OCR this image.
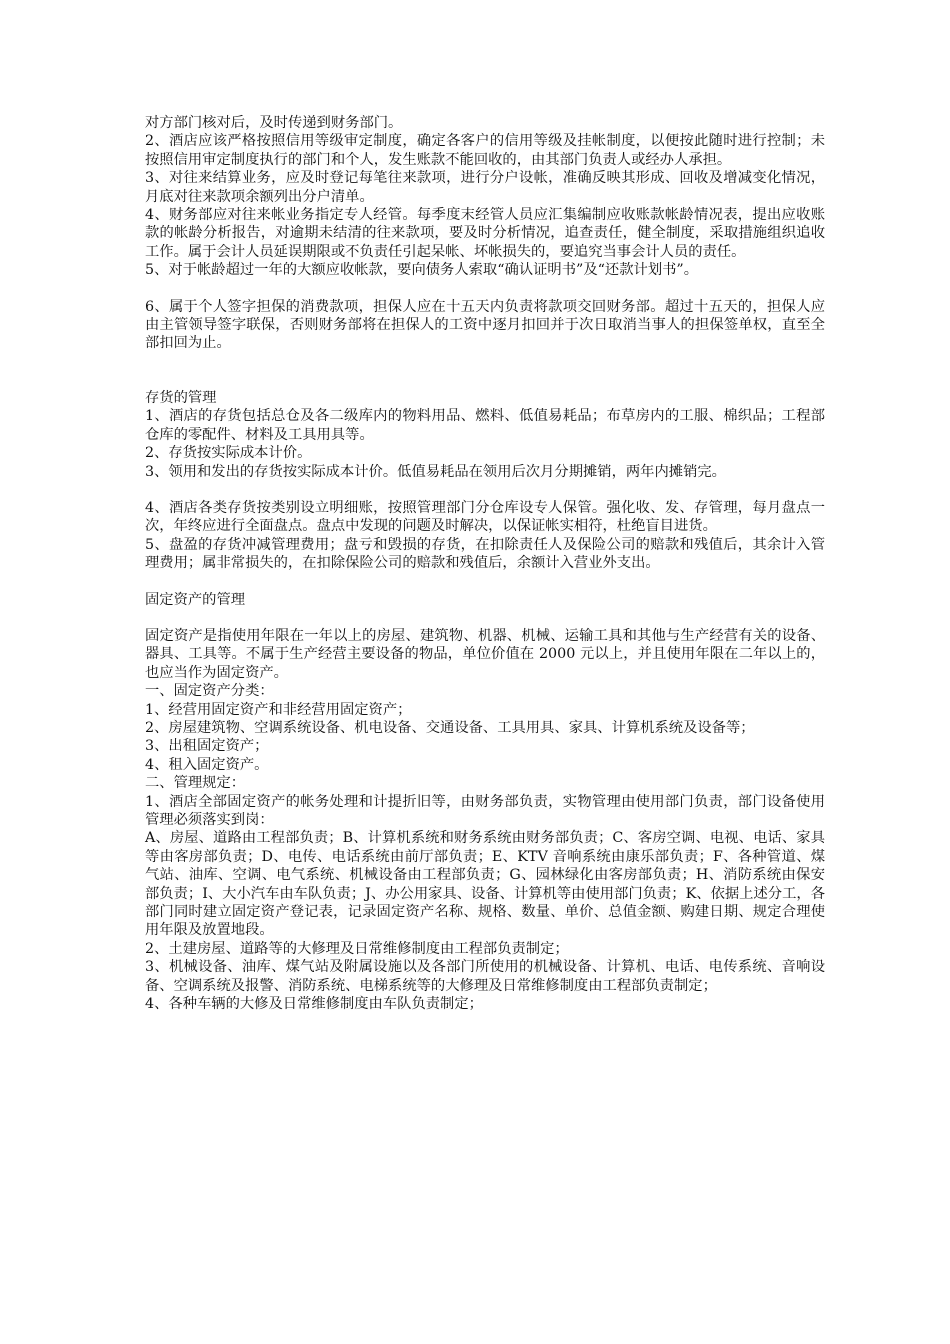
对方部门核对后，及时传递到财务部门。

2、酒店应该严格按照信用等级审定制度，确定各客户的信用等级及挂帐制度，以便按此随时进行控制；未按照信用审定制度执行的部门和个人，发生账款不能回收的，由其部门负责人或经办人承担。

3、对往来结算业务，应及时登记每笔往来款项，进行分户设帐，准确反映其形成、回收及增减变化情况，月底对往来款项余额列出分户清单。

4、财务部应对往来帐业务指定专人经管。每季度末经管人员应汇集编制应收账款帐龄情况表，提出应收账款的帐龄分析报告，对逾期未结清的往来款项，要及时分析情况，追查责任，健全制度，采取措施组织追收工作。属于会计人员延误期限或不负责任引起呆帐、坏帐损失的，要追究当事会计人员的责任。

5、对于帐龄超过一年的大额应收帐款，要向债务人索取“确认证明书”及“还款计划书”。

6、属于个人签字担保的消费款项，担保人应在十五天内负责将款项交回财务部。超过十五天的，担保人应由主管领导签字联保，否则财务部将在担保人的工资中逐月扣回并于次日取消当事人的担保签单权，直至全部扣回为止。

存货的管理

1、酒店的存货包括总仓及各二级库内的物料用品、燃料、低值易耗品；布草房内的工服、棉织品；工程部仓库的零配件、材料及工具用具等。

2、存货按实际成本计价。

3、领用和发出的存货按实际成本计价。低值易耗品在领用后次月分期摊销，两年内摊销完。

4、酒店各类存货按类别设立明细账，按照管理部门分仓库设专人保管。强化收、发、存管理，每月盘点一次，年终应进行全面盘点。盘点中发现的问题及时解决，以保证帐实相符，杜绝盲目进货。

5、盘盈的存货冲减管理费用；盘亏和毁损的存货，在扣除责任人及保险公司的赔款和残值后，其余计入管理费用；属非常损失的，在扣除保险公司的赔款和残值后，余额计入营业外支出。

固定资产的管理

固定资产是指使用年限在一年以上的房屋、建筑物、机器、机械、运输工具和其他与生产经营有关的设备、器具、工具等。不属于生产经营主要设备的物品，单位价值在 2000 元以上，并且使用年限在二年以上的，也应当作为固定资产。

一、固定资产分类：

1、经营用固定资产和非经营用固定资产；

2、房屋建筑物、空调系统设备、机电设备、交通设备、工具用具、家具、计算机系统及设备等；

3、出租固定资产；

4、租入固定资产。

二、管理规定：

1、酒店全部固定资产的帐务处理和计提折旧等，由财务部负责，实物管理由使用部门负责，部门设备使用管理必须落实到岗：

A、房屋、道路由工程部负责；B、计算机系统和财务系统由财务部负责；C、客房空调、电视、电话、家具等由客房部负责；D、电传、电话系统由前厅部负责；E、KTV 音响系统由康乐部负责；F、各种管道、煤气站、油库、空调、电气系统、机械设备由工程部负责；G、园林绿化由客房部负责；H、消防系统由保安部负责；I、大小汽车由车队负责；J、办公用家具、设备、计算机等由使用部门负责；K、依据上述分工，各部门同时建立固定资产登记表，记录固定资产名称、规格、数量、单价、总值金额、购建日期、规定合理使用年限及放置地段。

2、土建房屋、道路等的大修理及日常维修制度由工程部负责制定；

3、机械设备、油库、煤气站及附属设施以及各部门所使用的机械设备、计算机、电话、电传系统、音响设备、空调系统及报警、消防系统、电梯系统等的大修理及日常维修制度由工程部负责制定；

4、各种车辆的大修及日常维修制度由车队负责制定；
